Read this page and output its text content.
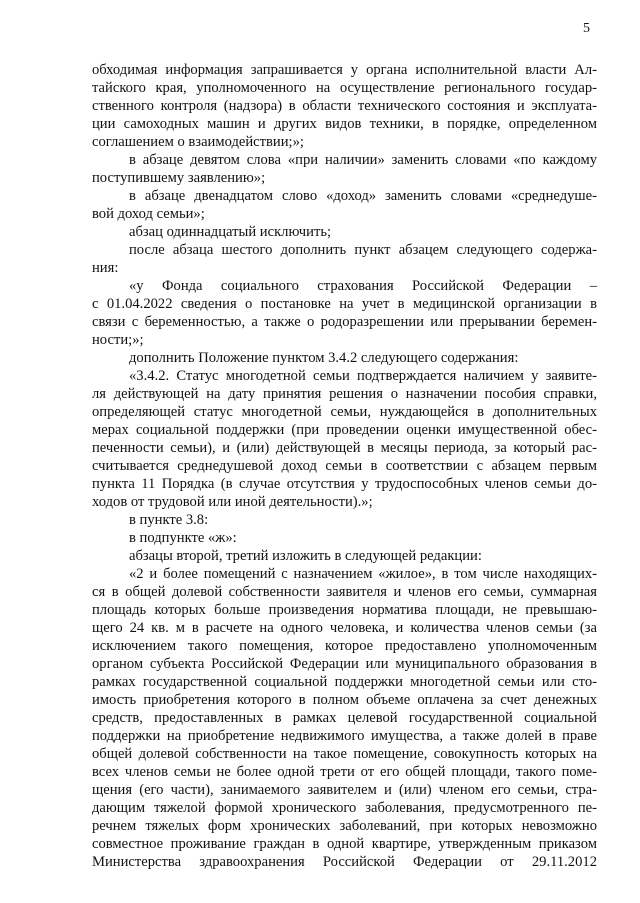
5
обходимая информация запрашивается у органа исполнительной власти Ал-
тайского края, уполномоченного на осуществление регионального государ-
ственного контроля (надзора) в области технического состояния и эксплуата-
ции самоходных машин и других видов техники, в порядке, определенном
соглашением о взаимодействии;»;
в абзаце девятом слова «при наличии» заменить словами «по каждому
поступившему заявлению»;
в абзаце двенадцатом слово «доход» заменить словами «среднедуше-
вой доход семьи»;
абзац одиннадцатый исключить;
после абзаца шестого дополнить пункт абзацем следующего содержа-
ния:
«у Фонда социального страхования Российской Федерации –
с 01.04.2022 сведения о постановке на учет в медицинской организации в
связи с беременностью, а также о родоразрешении или прерывании беремен-
ности;»;
дополнить Положение пунктом 3.4.2 следующего содержания:
«3.4.2. Статус многодетной семьи подтверждается наличием у заявите-
ля действующей на дату принятия решения о назначении пособия справки,
определяющей статус многодетной семьи, нуждающейся в дополнительных
мерах социальной поддержки (при проведении оценки имущественной обес-
печенности семьи), и (или) действующей в месяцы периода, за который рас-
считывается среднедушевой доход семьи в соответствии с абзацем первым
пункта 11 Порядка (в случае отсутствия у трудоспособных членов семьи до-
ходов от трудовой или иной деятельности).»;
в пункте 3.8:
в подпункте «ж»:
абзацы второй, третий изложить в следующей редакции:
«2 и более помещений с назначением «жилое», в том числе находящих-
ся в общей долевой собственности заявителя и членов его семьи, суммарная
площадь которых больше произведения норматива площади, не превышаю-
щего 24 кв. м в расчете на одного человека, и количества членов семьи (за
исключением такого помещения, которое предоставлено уполномоченным
органом субъекта Российской Федерации или муниципального образования в
рамках государственной социальной поддержки многодетной семьи или сто-
имость приобретения которого в полном объеме оплачена за счет денежных
средств, предоставленных в рамках целевой государственной социальной
поддержки на приобретение недвижимого имущества, а также долей в праве
общей долевой собственности на такое помещение, совокупность которых на
всех членов семьи не более одной трети от его общей площади, такого поме-
щения (его части), занимаемого заявителем и (или) членом его семьи, стра-
дающим тяжелой формой хронического заболевания, предусмотренного пе-
речнем тяжелых форм хронических заболеваний, при которых невозможно
совместное проживание граждан в одной квартире, утвержденным приказом
Министерства здравоохранения Российской Федерации от 29.11.2012
